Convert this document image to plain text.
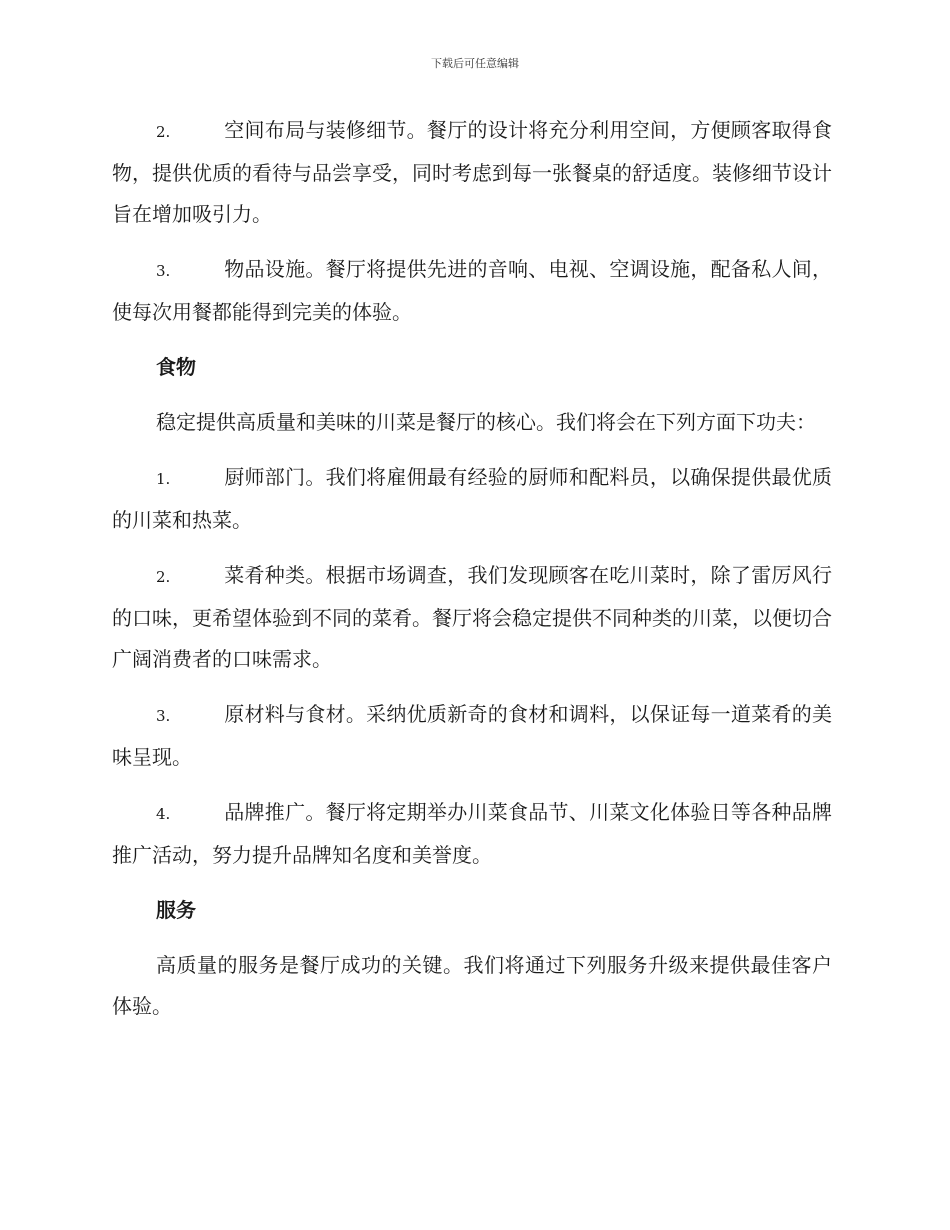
下载后可任意编辑

2.	空间布局与装修细节。餐厅的设计将充分利用空间，方便顾客取得食物，提供优质的看待与品尝享受，同时考虑到每一张餐桌的舒适度。装修细节设计旨在增加吸引力。

3.	物品设施。餐厅将提供先进的音响、电视、空调设施，配备私人间，使每次用餐都能得到完美的体验。

食物

稳定提供高质量和美味的川菜是餐厅的核心。我们将会在下列方面下功夫：

1.	厨师部门。我们将雇佣最有经验的厨师和配料员，以确保提供最优质的川菜和热菜。

2.	菜肴种类。根据市场调查，我们发现顾客在吃川菜时，除了雷厉风行的口味，更希望体验到不同的菜肴。餐厅将会稳定提供不同种类的川菜，以便切合广阔消费者的口味需求。

3.	原材料与食材。采纳优质新奇的食材和调料，以保证每一道菜肴的美味呈现。

4.	品牌推广。餐厅将定期举办川菜食品节、川菜文化体验日等各种品牌推广活动，努力提升品牌知名度和美誉度。

服务

高质量的服务是餐厅成功的关键。我们将通过下列服务升级来提供最佳客户体验。
